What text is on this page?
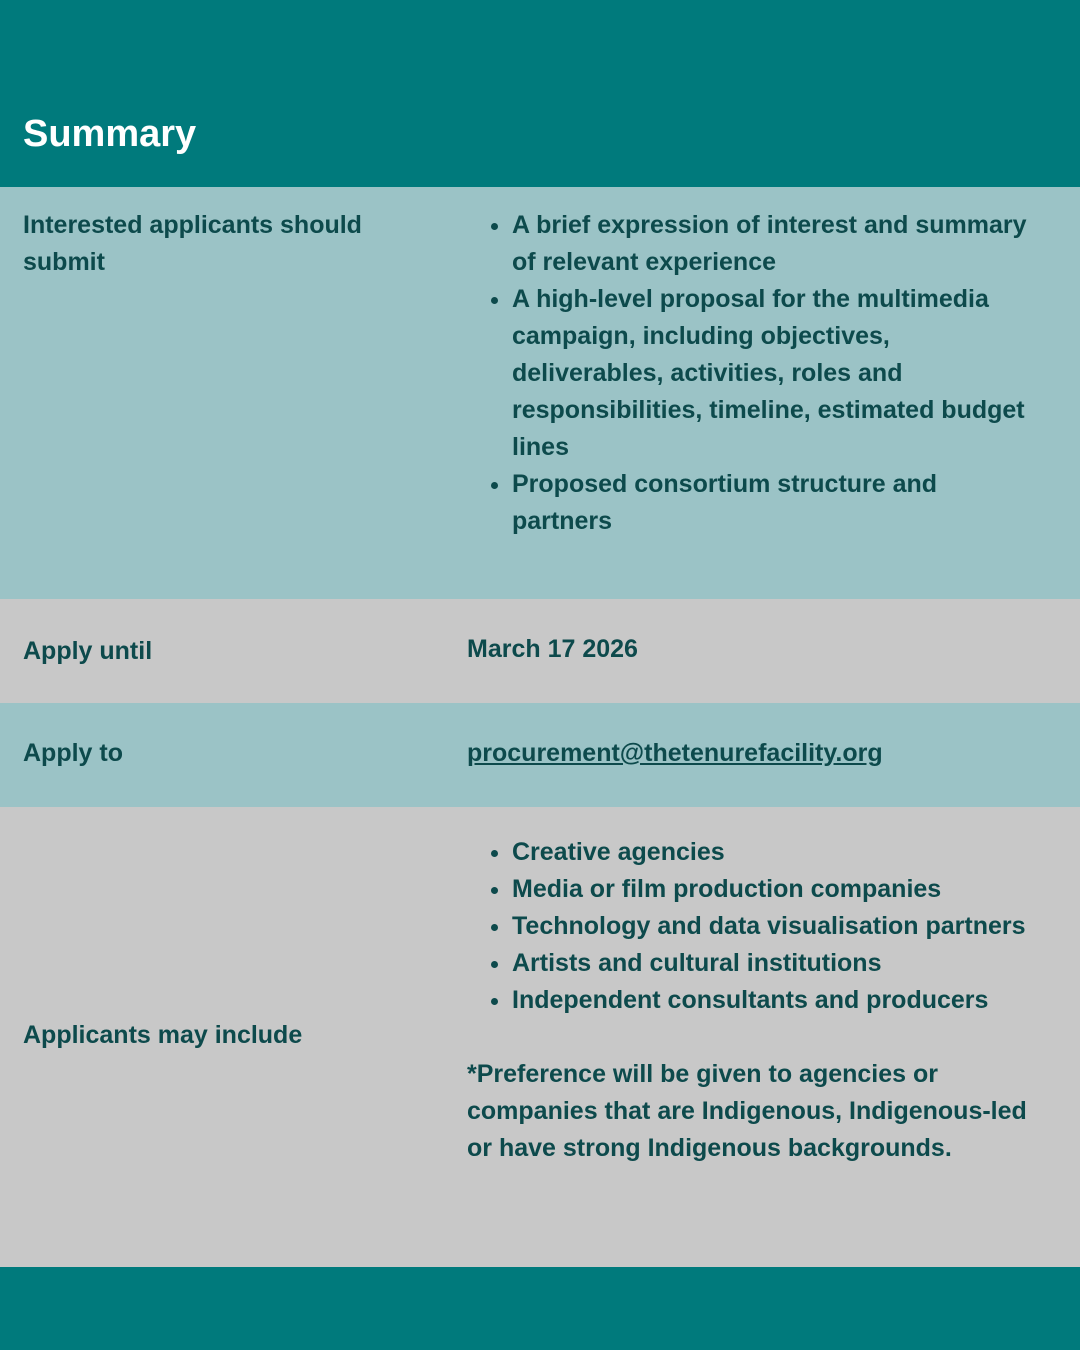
Summary
Interested applicants should submit
• A brief expression of interest and summary of relevant experience
• A high-level proposal for the multimedia campaign, including objectives, deliverables, activities, roles and responsibilities, timeline, estimated budget lines
• Proposed consortium structure and partners
Apply until	March 17 2026
Apply to	procurement@thetenurefacility.org
Applicants may include
• Creative agencies
• Media or film production companies
• Technology and data visualisation partners
• Artists and cultural institutions
• Independent consultants and producers
*Preference will be given to agencies or companies that are Indigenous, Indigenous-led or have strong Indigenous backgrounds.
